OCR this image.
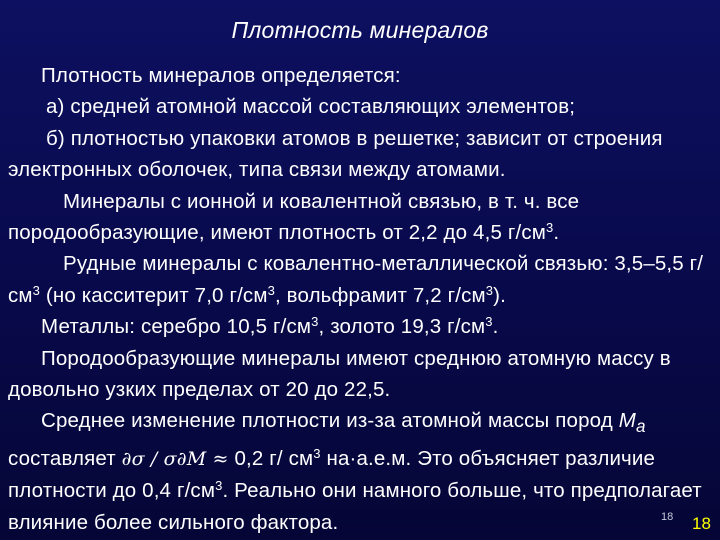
Плотность минералов

Плотность минералов определяется:

а) средней атомной массой составляющих элементов;

б) плотностью упаковки атомов в решетке; зависит от строения электронных оболочек, типа связи между атомами.

Минералы с ионной и ковалентной связью, в т. ч. все породообразующие, имеют плотность от 2,2 до 4,5 $г/см^3$.

Рудные минералы с ковалентно-металлической связью: 3,5–5,5 $г/см^3$ (но касситерит 7,0 $г/см^3$, вольфрамит 7,2 $г/см^3$).

Металлы: серебро 10,5 $г/см^3$, золото 19,3 $г/см^3$.

Породообразующие минералы имеют среднюю атомную массу в довольно узких пределах от 20 до 22,5.

Среднее изменение плотности из-за атомной массы пород $M_a$ составляет ∂σ / σ∂M ≈ 0,2 г/ $см^3$ на·а.е.м. Это объясняет различие плотности до 0,4 $г/см^3$. Реально они намного больше, что предполагает влияние более сильного фактора.	18 18
